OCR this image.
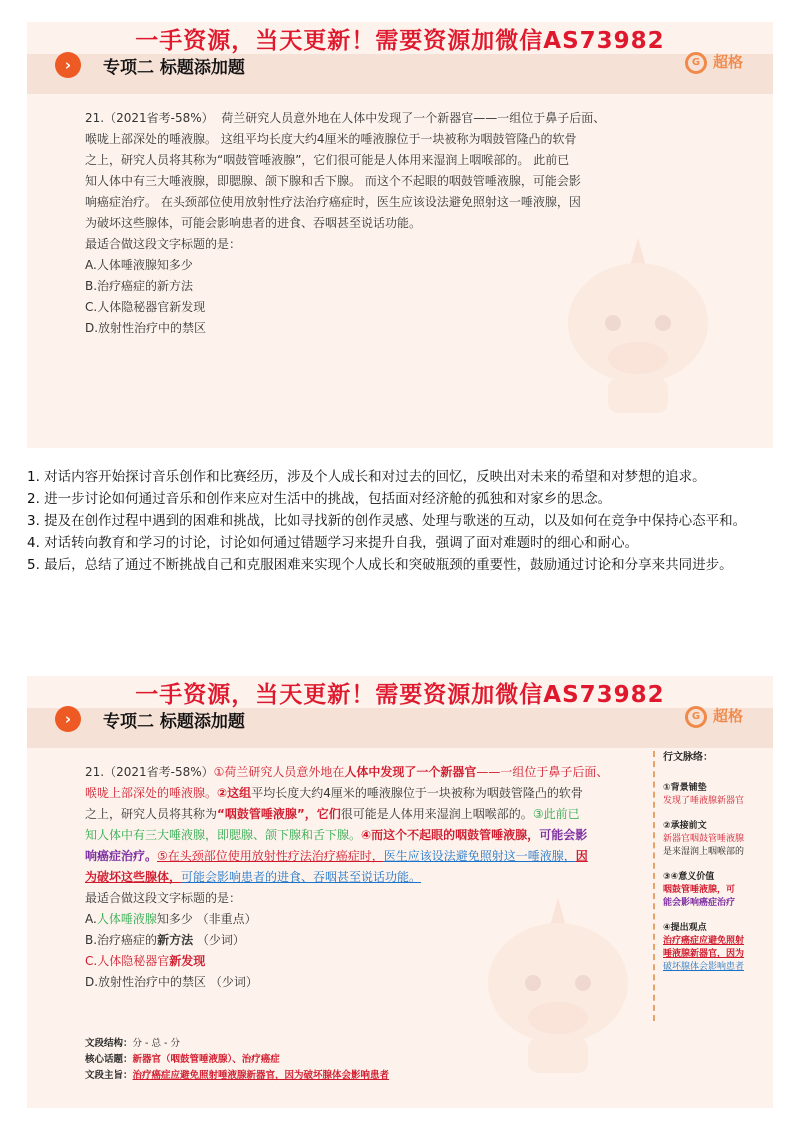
一手资源，当天更新！需要资源加微信AS73982
›	专项二 标题添加题	G 超格
21.（2021省考-58%） 荷兰研究人员意外地在人体中发现了一个新器官——一组位于鼻子后面、
喉咙上部深处的唾液腺。 这组平均长度大约4厘米的唾液腺位于一块被称为咽鼓管隆凸的软骨
之上，研究人员将其称为“咽鼓管唾液腺”，它们很可能是人体用来湿润上咽喉部的。 此前已
知人体中有三大唾液腺，即腮腺、颌下腺和舌下腺。 而这个不起眼的咽鼓管唾液腺，可能会影
响癌症治疗。 在头颈部位使用放射性疗法治疗癌症时，医生应该设法避免照射这一唾液腺，因
为破坏这些腺体，可能会影响患者的进食、吞咽甚至说话功能。
最适合做这段文字标题的是：
A.人体唾液腺知多少
B.治疗癌症的新方法
C.人体隐秘器官新发现
D.放射性治疗中的禁区
1. 对话内容开始探讨音乐创作和比赛经历，涉及个人成长和对过去的回忆，反映出对未来的希望和对梦想的追求。
2. 进一步讨论如何通过音乐和创作来应对生活中的挑战，包括面对经济舱的孤独和对家乡的思念。
3. 提及在创作过程中遇到的困难和挑战，比如寻找新的创作灵感、处理与歌迷的互动，以及如何在竞争中保持心态平和。
4. 对话转向教育和学习的讨论，讨论如何通过错题学习来提升自我，强调了面对难题时的细心和耐心。
5. 最后，总结了通过不断挑战自己和克服困难来实现个人成长和突破瓶颈的重要性，鼓励通过讨论和分享来共同进步。
一手资源，当天更新！需要资源加微信AS73982
›	专项二 标题添加题	G 超格
21.（2021省考-58%）①荷兰研究人员意外地在人体中发现了一个新器官——一组位于鼻子后面、
喉咙上部深处的唾液腺。②这组平均长度大约4厘米的唾液腺位于一块被称为咽鼓管隆凸的软骨
之上，研究人员将其称为“咽鼓管唾液腺”，它们很可能是人体用来湿润上咽喉部的。③此前已
知人体中有三大唾液腺，即腮腺、颌下腺和舌下腺。④而这个不起眼的咽鼓管唾液腺，可能会影
响癌症治疗。⑤在头颈部位使用放射性疗法治疗癌症时，医生应该设法避免照射这一唾液腺，因
为破坏这些腺体，可能会影响患者的进食、吞咽甚至说话功能。
最适合做这段文字标题的是：
A.人体唾液腺知多少 （非重点）
B.治疗癌症的新方法 （少词）
C.人体隐秘器官新发现
D.放射性治疗中的禁区 （少词）
行文脉络：
①背景铺垫
发现了唾液腺新器官
②承接前文
新器官咽鼓管唾液腺
是来湿润上咽喉部的
③④意义价值
咽鼓管唾液腺，可
能会影响癌症治疗
④提出观点
治疗癌症应避免照射
唾液腺新器官，因为
破坏腺体会影响患者
文段结构：分 - 总 - 分
核心话题：新器官（咽鼓管唾液腺）、治疗癌症
文段主旨：治疗癌症应避免照射唾液腺新器官，因为破坏腺体会影响患者
